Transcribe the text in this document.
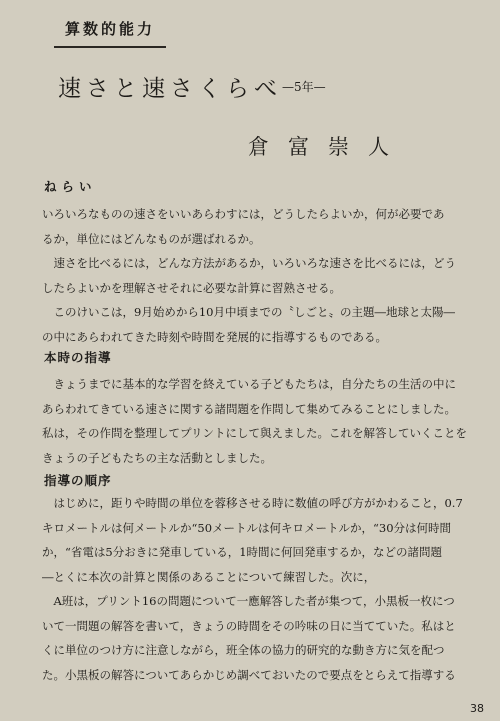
算数的能力
速さと速さくらべ$^{—5年—}$
倉富崇人
ねらい
いろいろなものの速さをいいあらわすには，どうしたらよいか，何が必要であ
るか，単位にはどんなものが選ばれるか。
　速さを比べるには，どんな方法があるか，いろいろな速さを比べるには，どう
したらよいかを理解させそれに必要な計算に習熟させる。
　このけいこは，9月始めから10月中頃までの〝しごと〟の主題―地球と太陽―
の中にあらわれてきた時刻や時間を発展的に指導するものである。
本時の指導
　きょうまでに基本的な学習を終えている子どもたちは，自分たちの生活の中に
あらわれてきている速さに関する諸問題を作問して集めてみることにしました。
私は，その作問を整理してプリントにして與えました。これを解答していくことを
きょうの子どもたちの主な活動としました。
指導の順序
　はじめに，距りや時間の単位を蓉移させる時に数値の呼び方がかわること，0.7
キロメートルは何メートルか“50メートルは何キロメートルか，“30分は何時間
か，“省電は5分おきに発車している，1時間に何回発車するか，などの諸問題
―とくに本次の計算と関係のあることについて練習した。次に，
　A班は，プリント16の問題について一應解答した者が集つて，小黒板一枚につ
いて一問題の解答を書いて，きょうの時間をその吟味の日に当てていた。私はと
くに単位のつけ方に注意しながら，班全体の協力的研究的な動き方に気を配つ
た。小黒板の解答についてあらかじめ調べておいたので要点をとらえて指導する
38
